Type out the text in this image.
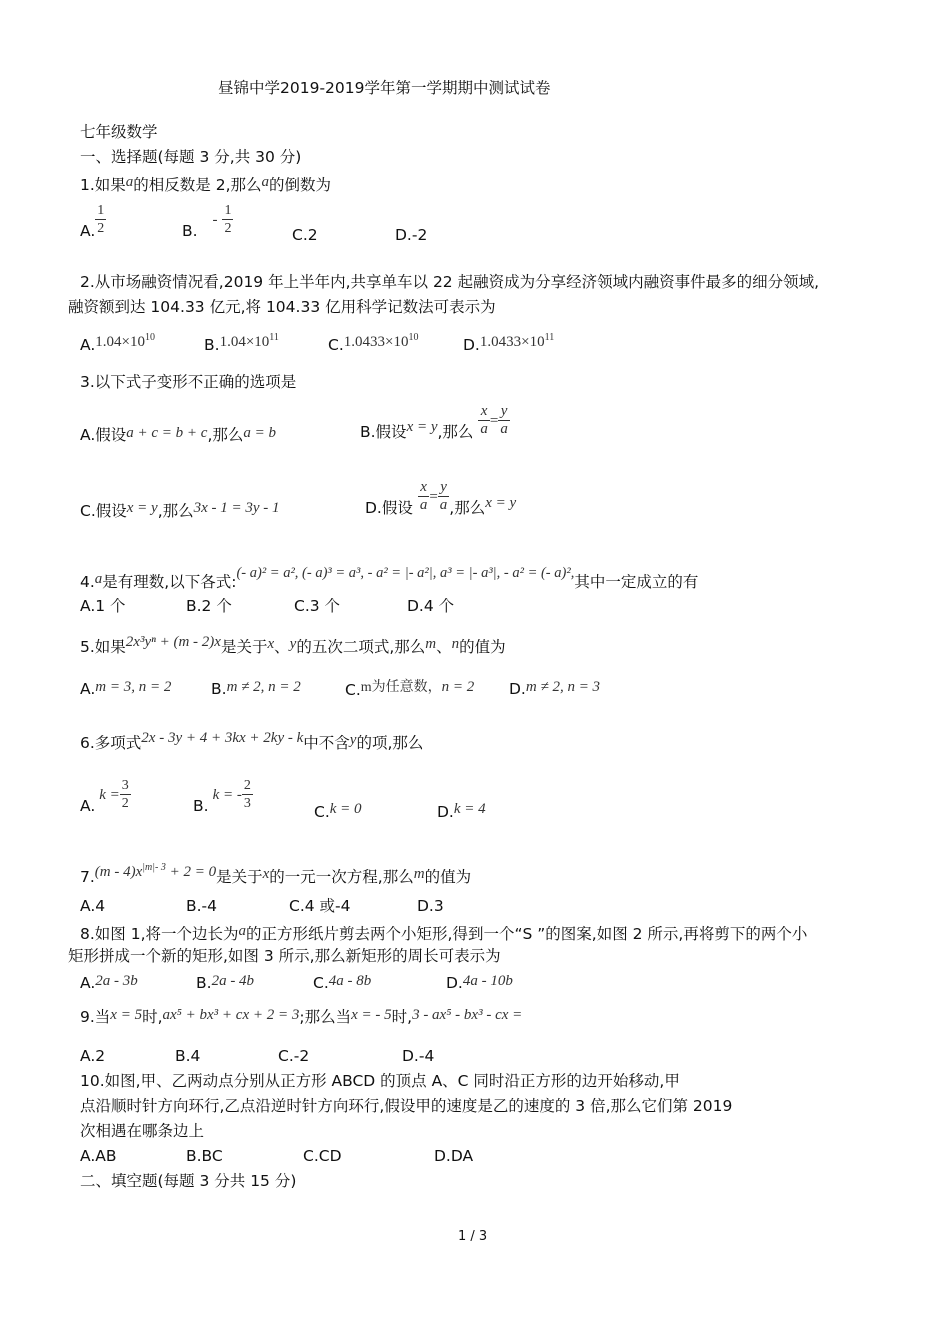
昼锦中学2019-2019学年第一学期期中测试试卷
七年级数学
一、选择题(每题 3 分,共 30 分)
1.如果a的相反数是 2,那么a的倒数为
A. $\frac{1}{2}$	B. - $\frac{1}{2}$	C.2	D.-2
2.从市场融资情况看,2019 年上半年内,共享单车以 22 起融资成为分享经济领域内融资事件最多的细分领域,
融资额到达 104.33 亿元,将 104.33 亿用科学记数法可表示为
$A.1.04\times 10^{10}$	$B.1.04\times 10^{11}$	$C.1.0433\times 10^{10}$	$D.1.0433\times 10^{11}$
3.以下式子变形不正确的选项是
A.假设a + c = b + c,那么a = b	B.假设x = y,那么 $\frac{x}{a} = \frac{y}{a}$
C.假设x = y,那么3x - 1 = 3y - 1	D.假设 $\frac{x}{a} = \frac{y}{a}$ ,那么x = y
4.a是有理数,以下各式:(- a)² = a², (- a)³ = a³, - a² = |- a²|, a³ = |- a³|, - a² = (- a)²,其中一定成立的有
A.1 个	B.2 个	C.3 个	D.4 个
5.如果2x³yⁿ + (m - 2)x是关于x、y的五次二项式,那么m、n的值为
A.m = 3, n = 2	B.m ≠ 2, n = 2	C.m为任意数，n = 2 D.m ≠ 2, n = 3
6.多项式2x - 3y + 4 + 3kx + 2ky - k中不含y的项,那么
$A.k = \frac{3}{2}$	B.k = - $\frac{2}{3}$	C.k = 0	D.k = 4
$7.(m - 4)x^{|m|- 3} + 2 = 0$是关于x的一元一次方程,那么m的值为
A.4	B.-4	C.4 或-4	D.3
8.如图 1,将一个边长为a的正方形纸片剪去两个小矩形,得到一个“S ”的图案,如图 2 所示,再将剪下的两个小
矩形拼成一个新的矩形,如图 3 所示,那么新矩形的周长可表示为
A.2a - 3b	B.2a - 4b	C.4a - 8b	D.4a - 10b
9.当x = 5时,ax⁵ + bx³ + cx + 2 = 3;那么当x = - 5时,3 - ax⁵ - bx³ - cx =
A.2	B.4	C.-2	D.-4
10.如图,甲、乙两动点分别从正方形 ABCD 的顶点 A、C 同时沿正方形的边开始移动,甲
点沿顺时针方向环行,乙点沿逆时针方向环行,假设甲的速度是乙的速度的 3 倍,那么它们第 2019
次相遇在哪条边上
A.AB	B.BC	C.CD	D.DA
二、填空题(每题 3 分共 15 分)
1 / 3
